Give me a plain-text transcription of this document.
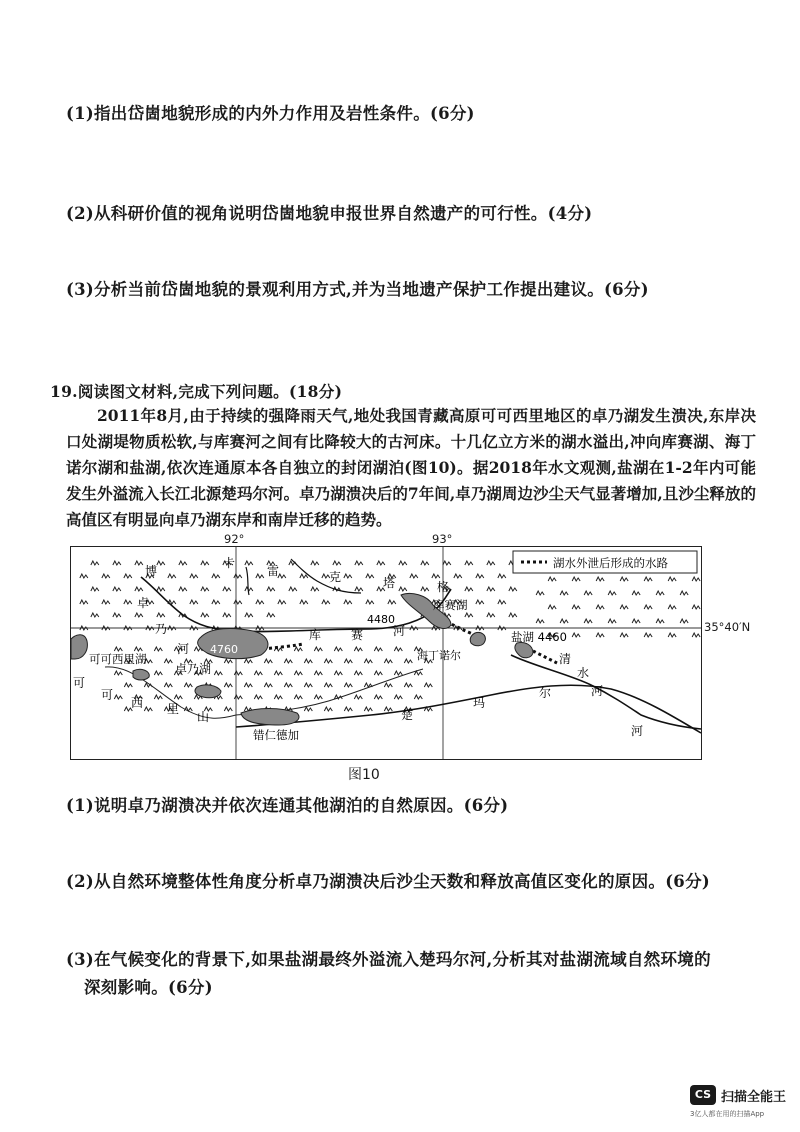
(1)指出岱崮地貌形成的内外力作用及岩性条件。(6分)
(2)从科研价值的视角说明岱崮地貌申报世界自然遗产的可行性。(4分)
(3)分析当前岱崮地貌的景观利用方式,并为当地遗产保护工作提出建议。(6分)
19.阅读图文材料,完成下列问题。(18分)

2011年8月,由于持续的强降雨天气,地处我国青藏高原可可西里地区的卓乃湖发生溃决,东岸决口处湖堤物质松软,与库赛河之间有比降较大的古河床。十几亿立方米的湖水溢出,冲向库赛湖、海丁诺尔湖和盐湖,依次连通原本各自独立的封闭湖泊(图10)。据2018年水文观测,盐湖在1-2年内可能发生外溢流入长江北源楚玛尔河。卓乃湖溃决后的7年间,卓乃湖周边沙尘天气显著增加,且沙尘释放的高值区有明显向卓乃湖东岸和南岸迁移的趋势。

湖水外泄后形成的水路
4760
4480
卓乃湖
可可西里湖
库赛湖
海丁诺尔
盐湖 4460
错仁德加
博
卡
雷	克	塔	格
可
可
西 里
山
卓
乃
河
库 赛 河
清
水
河
楚
玛
尔
河
92°	93°
35°40′N
图10
(1)说明卓乃湖溃决并依次连通其他湖泊的自然原因。(6分)
(2)从自然环境整体性角度分析卓乃湖溃决后沙尘天数和释放高值区变化的原因。(6分)
(3)在气候变化的背景下,如果盐湖最终外溢流入楚玛尔河,分析其对盐湖流域自然环境的
深刻影响。(6分)
CS 扫描全能王
3亿人都在用的扫描App
